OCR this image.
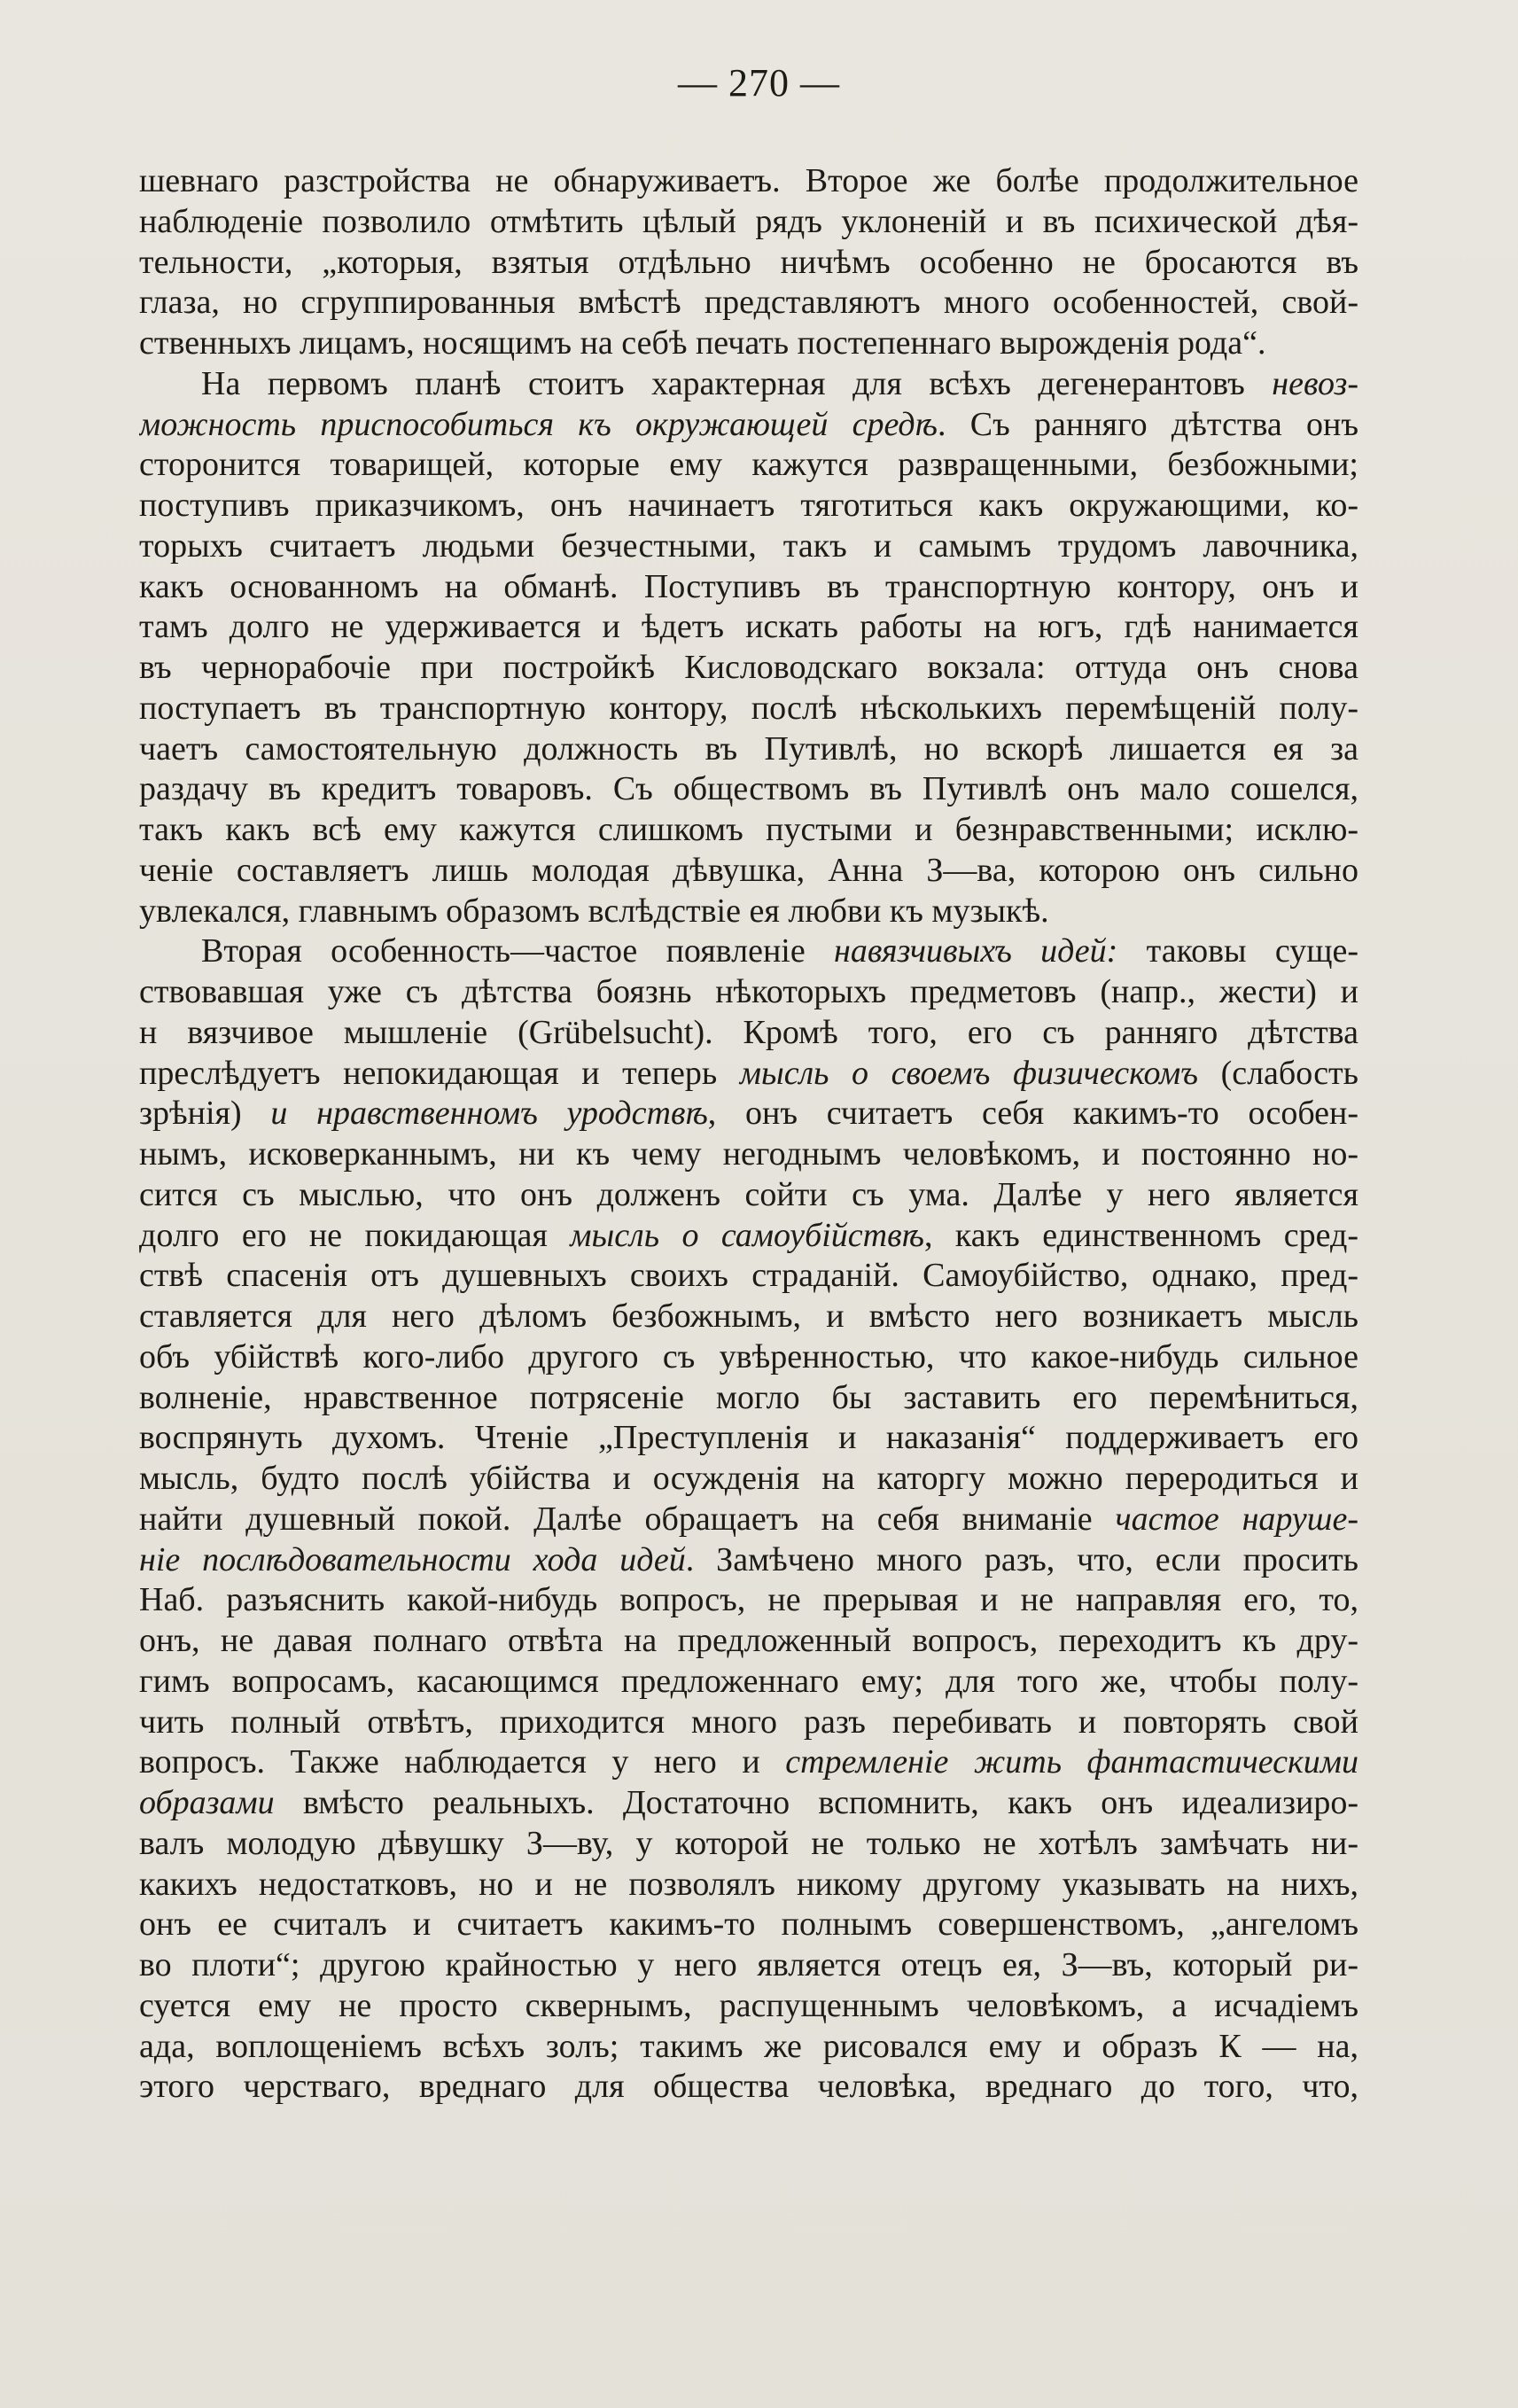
— 270 —
шевнаго разстройства не обнаруживаетъ. Второе же болѣе продолжительное
наблюденіе позволило отмѣтить цѣлый рядъ уклоненій и въ психической дѣя-
тельности, „которыя, взятыя отдѣльно ничѣмъ особенно не бросаются въ
глаза, но сгруппированныя вмѣстѣ представляютъ много особенностей, свой-
ственныхъ лицамъ, носящимъ на себѣ печать постепеннаго вырожденія рода“.
На первомъ планѣ стоитъ характерная для всѣхъ дегенерантовъ невоз-
можность приспособиться къ окружающей средѣ. Съ ранняго дѣтства онъ
сторонится товарищей, которые ему кажутся развращенными, безбожными;
поступивъ приказчикомъ, онъ начинаетъ тяготиться какъ окружающими, ко-
торыхъ считаетъ людьми безчестными, такъ и самымъ трудомъ лавочника,
какъ основанномъ на обманѣ. Поступивъ въ транспортную контору, онъ и
тамъ долго не удерживается и ѣдетъ искать работы на югъ, гдѣ нанимается
въ чернорабочіе при постройкѣ Кисловодскаго вокзала: оттуда онъ снова
поступаетъ въ транспортную контору, послѣ нѣсколькихъ перемѣщеній полу-
чаетъ самостоятельную должность въ Путивлѣ, но вскорѣ лишается ея за
раздачу въ кредитъ товаровъ. Съ обществомъ въ Путивлѣ онъ мало сошелся,
такъ какъ всѣ ему кажутся слишкомъ пустыми и безнравственными; исклю-
ченіе составляетъ лишь молодая дѣвушка, Анна З—ва, которою онъ сильно
увлекался, главнымъ образомъ вслѣдствіе ея любви къ музыкѣ.
Вторая особенность—частое появленіе навязчивыхъ идей: таковы суще-
ствовавшая уже съ дѣтства боязнь нѣкоторыхъ предметовъ (напр., жести) и
н вязчивое мышленіе (Grübelsucht). Кромѣ того, его съ ранняго дѣтства
преслѣдуетъ непокидающая и теперь мысль о своемъ физическомъ (слабость
зрѣнія) и нравственномъ уродствѣ, онъ считаетъ себя какимъ-то особен-
нымъ, исковерканнымъ, ни къ чему негоднымъ человѣкомъ, и постоянно но-
сится съ мыслью, что онъ долженъ сойти съ ума. Далѣе у него является
долго его не покидающая мысль о самоубійствѣ, какъ единственномъ сред-
ствѣ спасенія отъ душевныхъ своихъ страданій. Самоубійство, однако, пред-
ставляется для него дѣломъ безбожнымъ, и вмѣсто него возникаетъ мысль
объ убійствѣ кого-либо другого съ увѣренностью, что какое-нибудь сильное
волненіе, нравственное потрясеніе могло бы заставить его перемѣниться,
воспрянуть духомъ. Чтеніе „Преступленія и наказанія“ поддерживаетъ его
мысль, будто послѣ убійства и осужденія на каторгу можно переродиться и
найти душевный покой. Далѣе обращаетъ на себя вниманіе частое наруше-
ніе послѣдовательности хода идей. Замѣчено много разъ, что, если просить
Наб. разъяснить какой-нибудь вопросъ, не прерывая и не направляя его, то,
онъ, не давая полнаго отвѣта на предложенный вопросъ, переходитъ къ дру-
гимъ вопросамъ, касающимся предложеннаго ему; для того же, чтобы полу-
чить полный отвѣтъ, приходится много разъ перебивать и повторять свой
вопросъ. Также наблюдается у него и стремленіе жить фантастическими
образами вмѣсто реальныхъ. Достаточно вспомнить, какъ онъ идеализиро-
валъ молодую дѣвушку З—ву, у которой не только не хотѣлъ замѣчать ни-
какихъ недостатковъ, но и не позволялъ никому другому указывать на нихъ,
онъ ее считалъ и считаетъ какимъ-то полнымъ совершенствомъ, „ангеломъ
во плоти“; другою крайностью у него является отецъ ея, З—въ, который ри-
суется ему не просто сквернымъ, распущеннымъ человѣкомъ, а исчадіемъ
ада, воплощеніемъ всѣхъ золъ; такимъ же рисовался ему и образъ К — на,
этого черстваго, вреднаго для общества человѣка, вреднаго до того, что,
